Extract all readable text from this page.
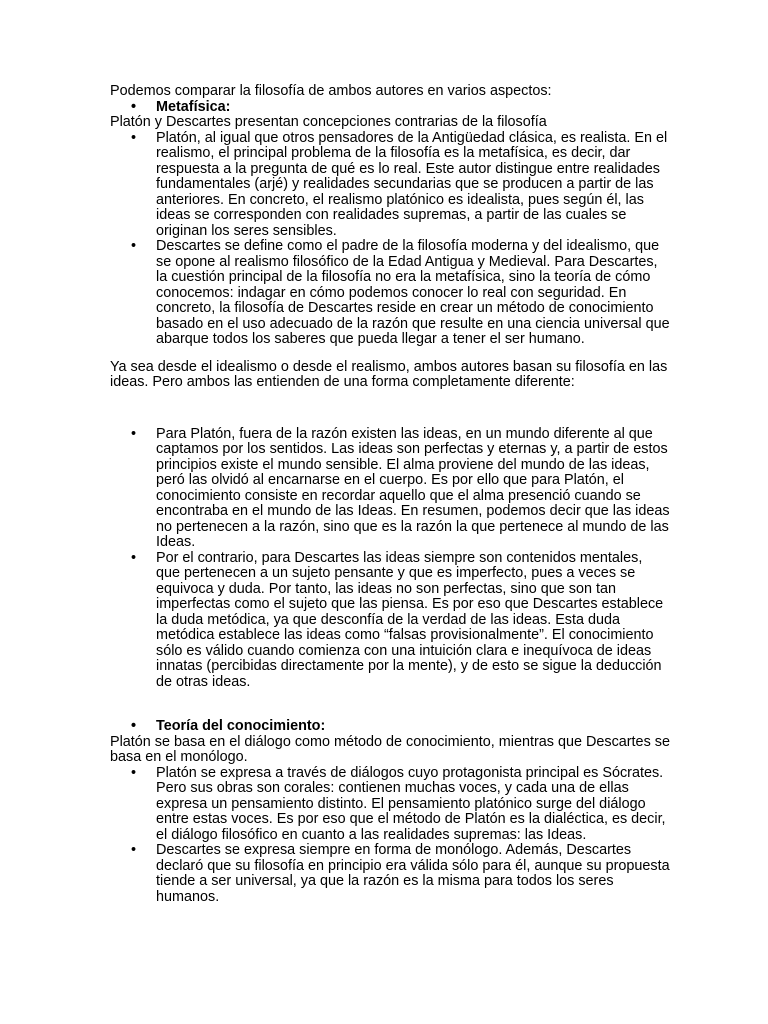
Podemos comparar la filosofía de ambos autores en varios aspectos:

• Metafísica:

Platón y Descartes presentan concepciones contrarias de la filosofía

• Platón, al igual que otros pensadores de la Antigüedad clásica, es realista. En el realismo, el principal problema de la filosofía es la metafísica, es decir, dar respuesta a la pregunta de qué es lo real. Este autor distingue entre realidades fundamentales (arjé) y realidades secundarias que se producen a partir de las anteriores. En concreto, el realismo platónico es idealista, pues según él, las ideas se corresponden con realidades supremas, a partir de las cuales se originan los seres sensibles.
• Descartes se define como el padre de la filosofía moderna y del idealismo, que se opone al realismo filosófico de la Edad Antigua y Medieval. Para Descartes, la cuestión principal de la filosofía no era la metafísica, sino la teoría de cómo conocemos: indagar en cómo podemos conocer lo real con seguridad. En concreto, la filosofía de Descartes reside en crear un método de conocimiento basado en el uso adecuado de la razón que resulte en una ciencia universal que abarque todos los saberes que pueda llegar a tener el ser humano.

Ya sea desde el idealismo o desde el realismo, ambos autores basan su filosofía en las ideas. Pero ambos las entienden de una forma completamente diferente:

• Para Platón, fuera de la razón existen las ideas, en un mundo diferente al que captamos por los sentidos. Las ideas son perfectas y eternas y, a partir de estos principios existe el mundo sensible. El alma proviene del mundo de las ideas, peró las olvidó al encarnarse en el cuerpo. Es por ello que para Platón, el conocimiento consiste en recordar aquello que el alma presenció cuando se encontraba en el mundo de las Ideas. En resumen, podemos decir que las ideas no pertenecen a la razón, sino que es la razón la que pertenece al mundo de las Ideas.
• Por el contrario, para Descartes las ideas siempre son contenidos mentales, que pertenecen a un sujeto pensante y que es imperfecto, pues a veces se equivoca y duda. Por tanto, las ideas no son perfectas, sino que son tan imperfectas como el sujeto que las piensa. Es por eso que Descartes establece la duda metódica, ya que desconfía de la verdad de las ideas. Esta duda metódica establece las ideas como “falsas provisionalmente”. El conocimiento sólo es válido cuando comienza con una intuición clara e inequívoca de ideas innatas (percibidas directamente por la mente), y de esto se sigue la deducción de otras ideas.
• Teoría del conocimiento:

Platón se basa en el diálogo como método de conocimiento, mientras que Descartes se basa en el monólogo.

• Platón se expresa a través de diálogos cuyo protagonista principal es Sócrates. Pero sus obras son corales: contienen muchas voces, y cada una de ellas expresa un pensamiento distinto. El pensamiento platónico surge del diálogo entre estas voces. Es por eso que el método de Platón es la dialéctica, es decir, el diálogo filosófico en cuanto a las realidades supremas: las Ideas.
• Descartes se expresa siempre en forma de monólogo. Además, Descartes declaró que su filosofía en principio era válida sólo para él, aunque su propuesta tiende a ser universal, ya que la razón es la misma para todos los seres humanos.
